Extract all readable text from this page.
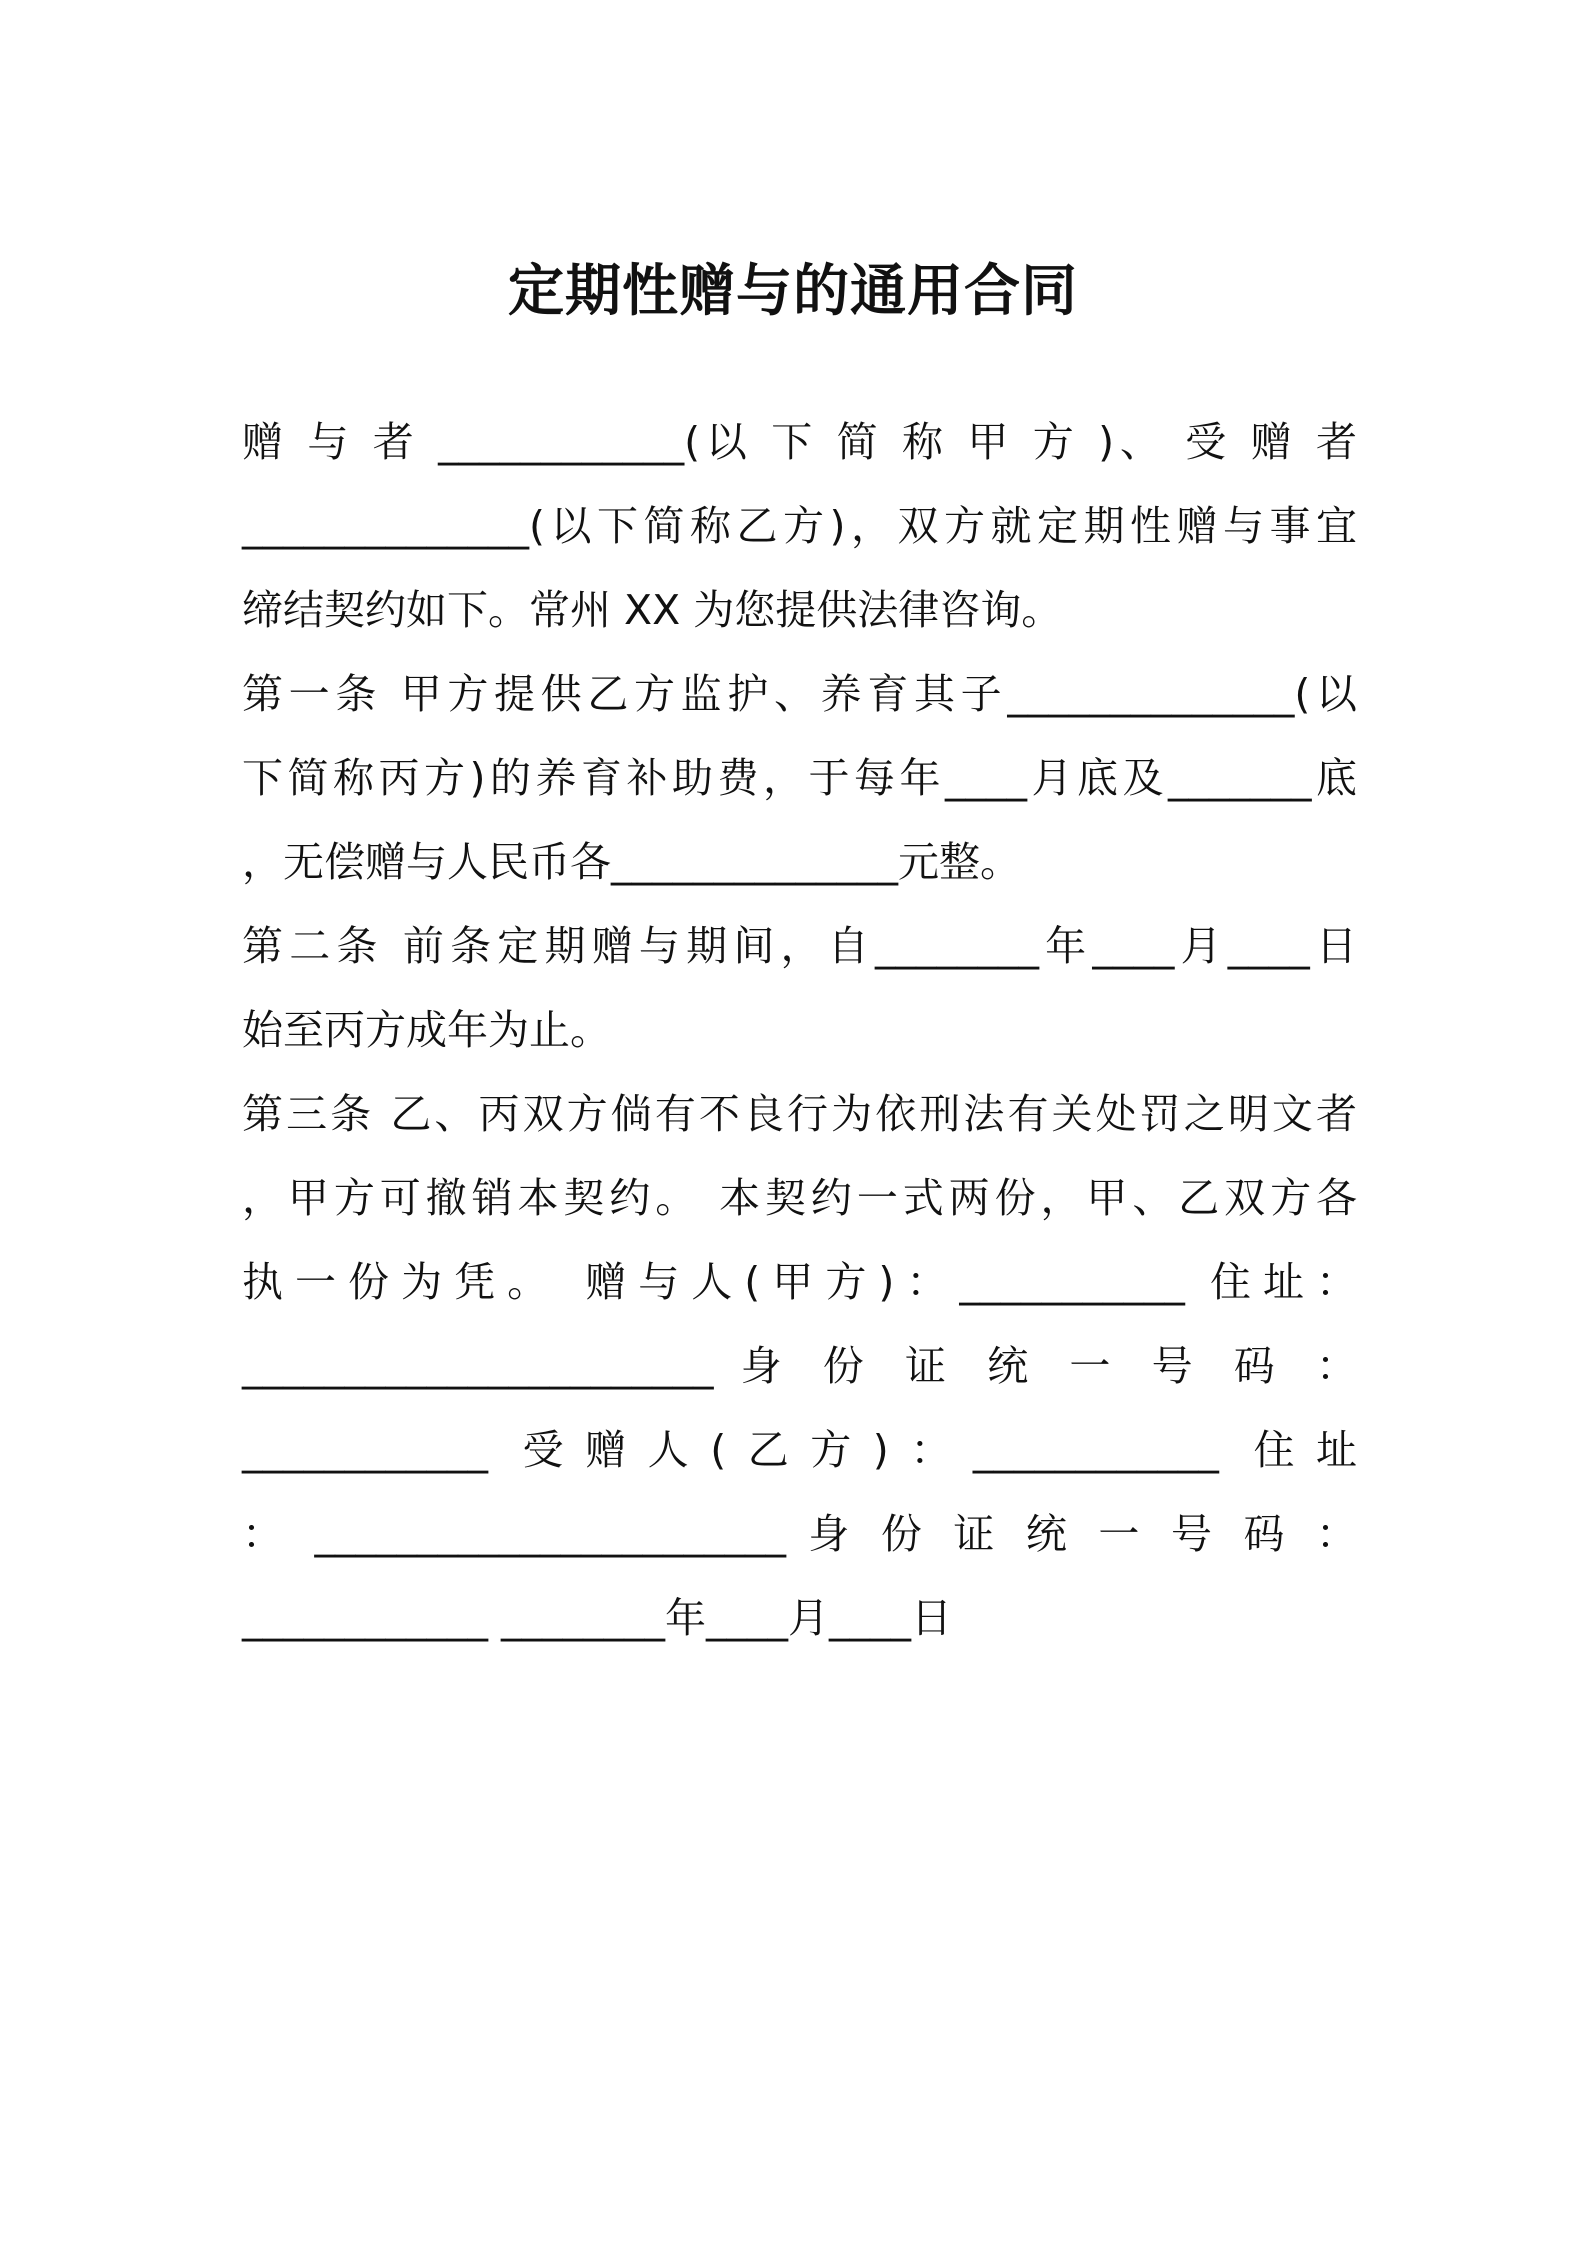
定期性赠与的通用合同
赠 与 者 ____________(以 下 简 称 甲 方 )、 受 赠 者
______________(以下简称乙方)，双方就定期性赠与事宜
缔结契约如下。常州 XX 为您提供法律咨询。
第一条 甲方提供乙方监护、养育其子______________(以
下简称丙方)的养育补助费，于每年____月底及_______底
，无偿赠与人民币各______________元整。
第二条 前条定期赠与期间，自________年____月____日
始至丙方成年为止。
第三条 乙、丙双方倘有不良行为依刑法有关处罚之明文者
，甲方可撤销本契约。 本契约一式两份，甲、乙双方各
执一份为凭。 赠与人(甲方)：___________ 住址：
_______________________ 身 份 证 统 一 号 码 ：
____________ 受赠人(乙方)：____________ 住址
： _______________________ 身 份 证 统 一 号 码 ：
____________ ________年____月____日
